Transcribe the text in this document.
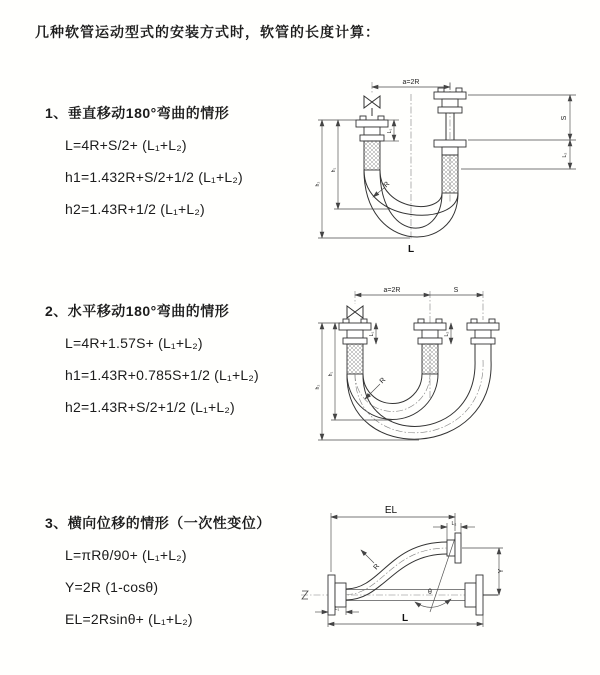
几种软管运动型式的安装方式时，软管的长度计算：
1、垂直移动180°弯曲的情形
L=4R+S/2+ (L₁+L₂)
h1=1.432R+S/2+1/2 (L₁+L₂)
h2=1.43R+1/2 (L₁+L₂)
2、水平移动180°弯曲的情形
L=4R+1.57S+ (L₁+L₂)
h1=1.43R+0.785S+1/2 (L₁+L₂)
h2=1.43R+S/2+1/2 (L₁+L₂)
3、横向位移的情形（一次性变位）
L=πRθ/90+ (L₁+L₂)
Y=2R (1-cosθ)
EL=2Rsinθ+ (L₁+L₂)
a=2R
h₂
h₁
L₁
S
L₂
R
L
a=2R	S
h₂
h₁
L₁	L₂
R
θ
R
EL
L₂
Y
L₁
L
